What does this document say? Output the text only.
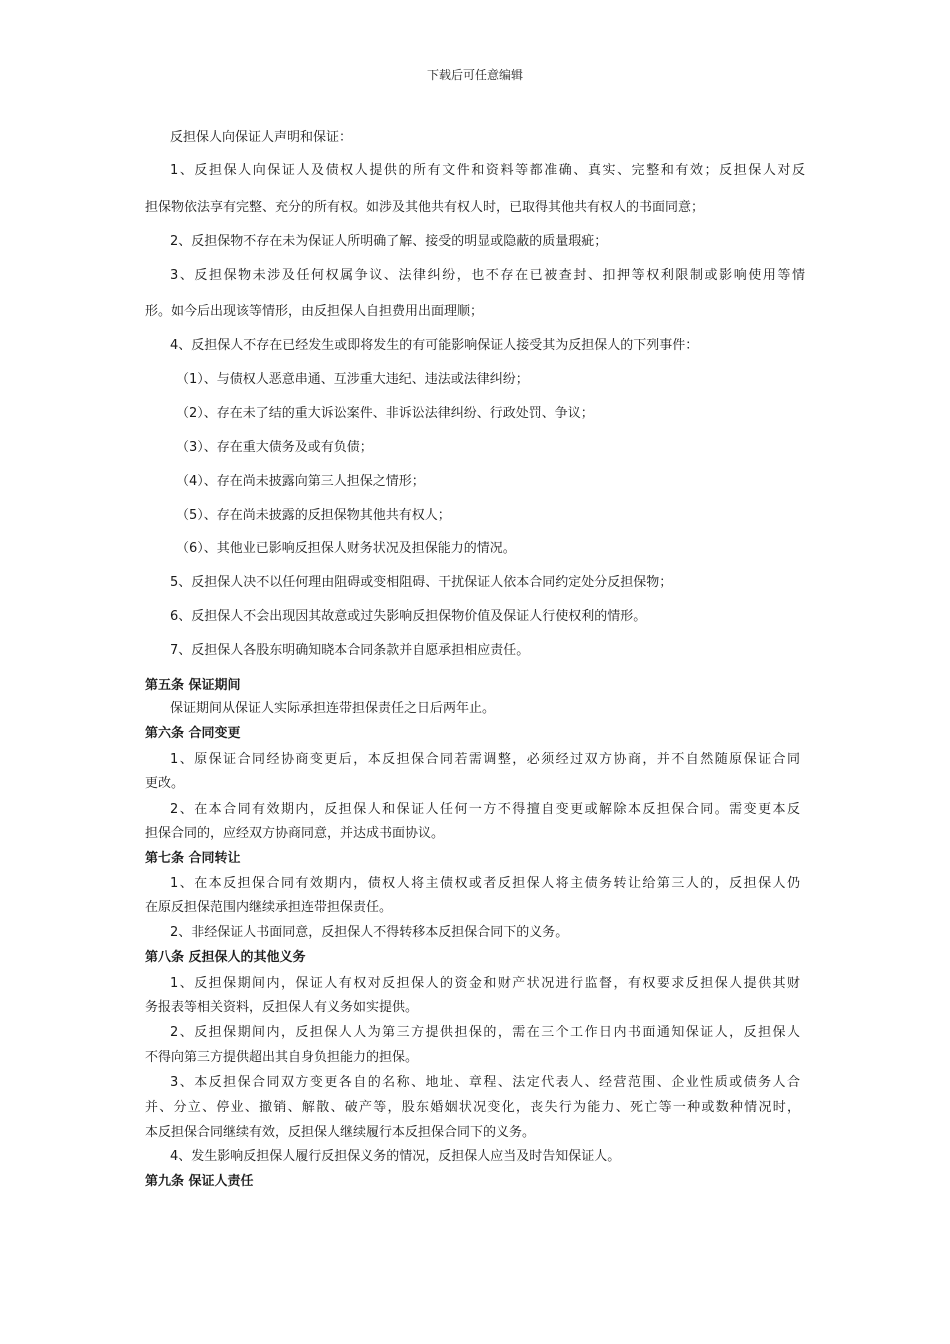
下载后可任意编辑
反担保人向保证人声明和保证：
1、反担保人向保证人及债权人提供的所有文件和资料等都准确、真实、完整和有效；反担保人对反
担保物依法享有完整、充分的所有权。如涉及其他共有权人时，已取得其他共有权人的书面同意；
2、反担保物不存在未为保证人所明确了解、接受的明显或隐蔽的质量瑕疵；
3、反担保物未涉及任何权属争议、法律纠纷，也不存在已被查封、扣押等权利限制或影响使用等情
形。如今后出现该等情形，由反担保人自担费用出面理顺；
4、反担保人不存在已经发生或即将发生的有可能影响保证人接受其为反担保人的下列事件：
（1）、与债权人恶意串通、互涉重大违纪、违法或法律纠纷；
（2）、存在未了结的重大诉讼案件、非诉讼法律纠纷、行政处罚、争议；
（3）、存在重大债务及或有负债；
（4）、存在尚未披露向第三人担保之情形；
（5）、存在尚未披露的反担保物其他共有权人；
（6）、其他业已影响反担保人财务状况及担保能力的情况。
5、反担保人决不以任何理由阻碍或变相阻碍、干扰保证人依本合同约定处分反担保物；
6、反担保人不会出现因其故意或过失影响反担保物价值及保证人行使权利的情形。
7、反担保人各股东明确知晓本合同条款并自愿承担相应责任。
第五条 保证期间
保证期间从保证人实际承担连带担保责任之日后两年止。
第六条 合同变更
1、原保证合同经协商变更后，本反担保合同若需调整，必须经过双方协商，并不自然随原保证合同
更改。
2、在本合同有效期内，反担保人和保证人任何一方不得擅自变更或解除本反担保合同。需变更本反
担保合同的，应经双方协商同意，并达成书面协议。
第七条 合同转让
1、在本反担保合同有效期内，债权人将主债权或者反担保人将主债务转让给第三人的，反担保人仍
在原反担保范围内继续承担连带担保责任。
2、非经保证人书面同意，反担保人不得转移本反担保合同下的义务。
第八条 反担保人的其他义务
1、反担保期间内，保证人有权对反担保人的资金和财产状况进行监督，有权要求反担保人提供其财
务报表等相关资料，反担保人有义务如实提供。
2、反担保期间内，反担保人人为第三方提供担保的，需在三个工作日内书面通知保证人，反担保人
不得向第三方提供超出其自身负担能力的担保。
3、本反担保合同双方变更各自的名称、地址、章程、法定代表人、经营范围、企业性质或债务人合
并、分立、停业、撤销、解散、破产等，股东婚姻状况变化，丧失行为能力、死亡等一种或数种情况时，
本反担保合同继续有效，反担保人继续履行本反担保合同下的义务。
4、发生影响反担保人履行反担保义务的情况，反担保人应当及时告知保证人。
第九条 保证人责任
